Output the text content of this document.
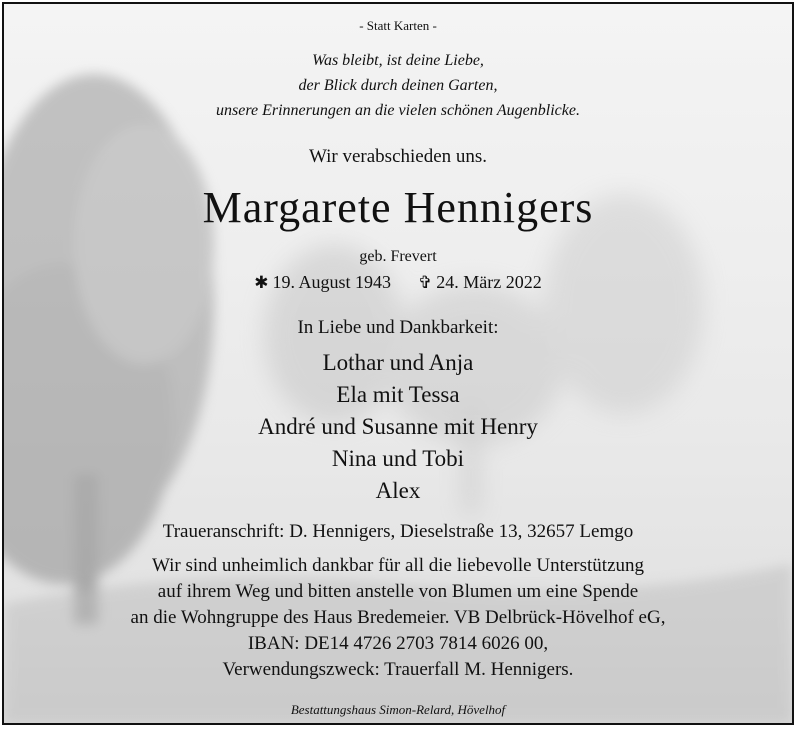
- Statt Karten -
Was bleibt, ist deine Liebe,
der Blick durch deinen Garten,
unsere Erinnerungen an die vielen schönen Augenblicke.
Wir verabschieden uns.
Margarete Hennigers
geb. Frevert
✱ 19. August 1943 ✞ 24. März 2022
In Liebe und Dankbarkeit:
Lothar und Anja
Ela mit Tessa
André und Susanne mit Henry
Nina und Tobi
Alex
Traueranschrift: D. Hennigers, Dieselstraße 13, 32657 Lemgo
Wir sind unheimlich dankbar für all die liebevolle Unterstützung
auf ihrem Weg und bitten anstelle von Blumen um eine Spende
an die Wohngruppe des Haus Bredemeier. VB Delbrück-Hövelhof eG,
IBAN: DE14 4726 2703 7814 6026 00,
Verwendungszweck: Trauerfall M. Hennigers.
Bestattungshaus Simon-Relard, Hövelhof
